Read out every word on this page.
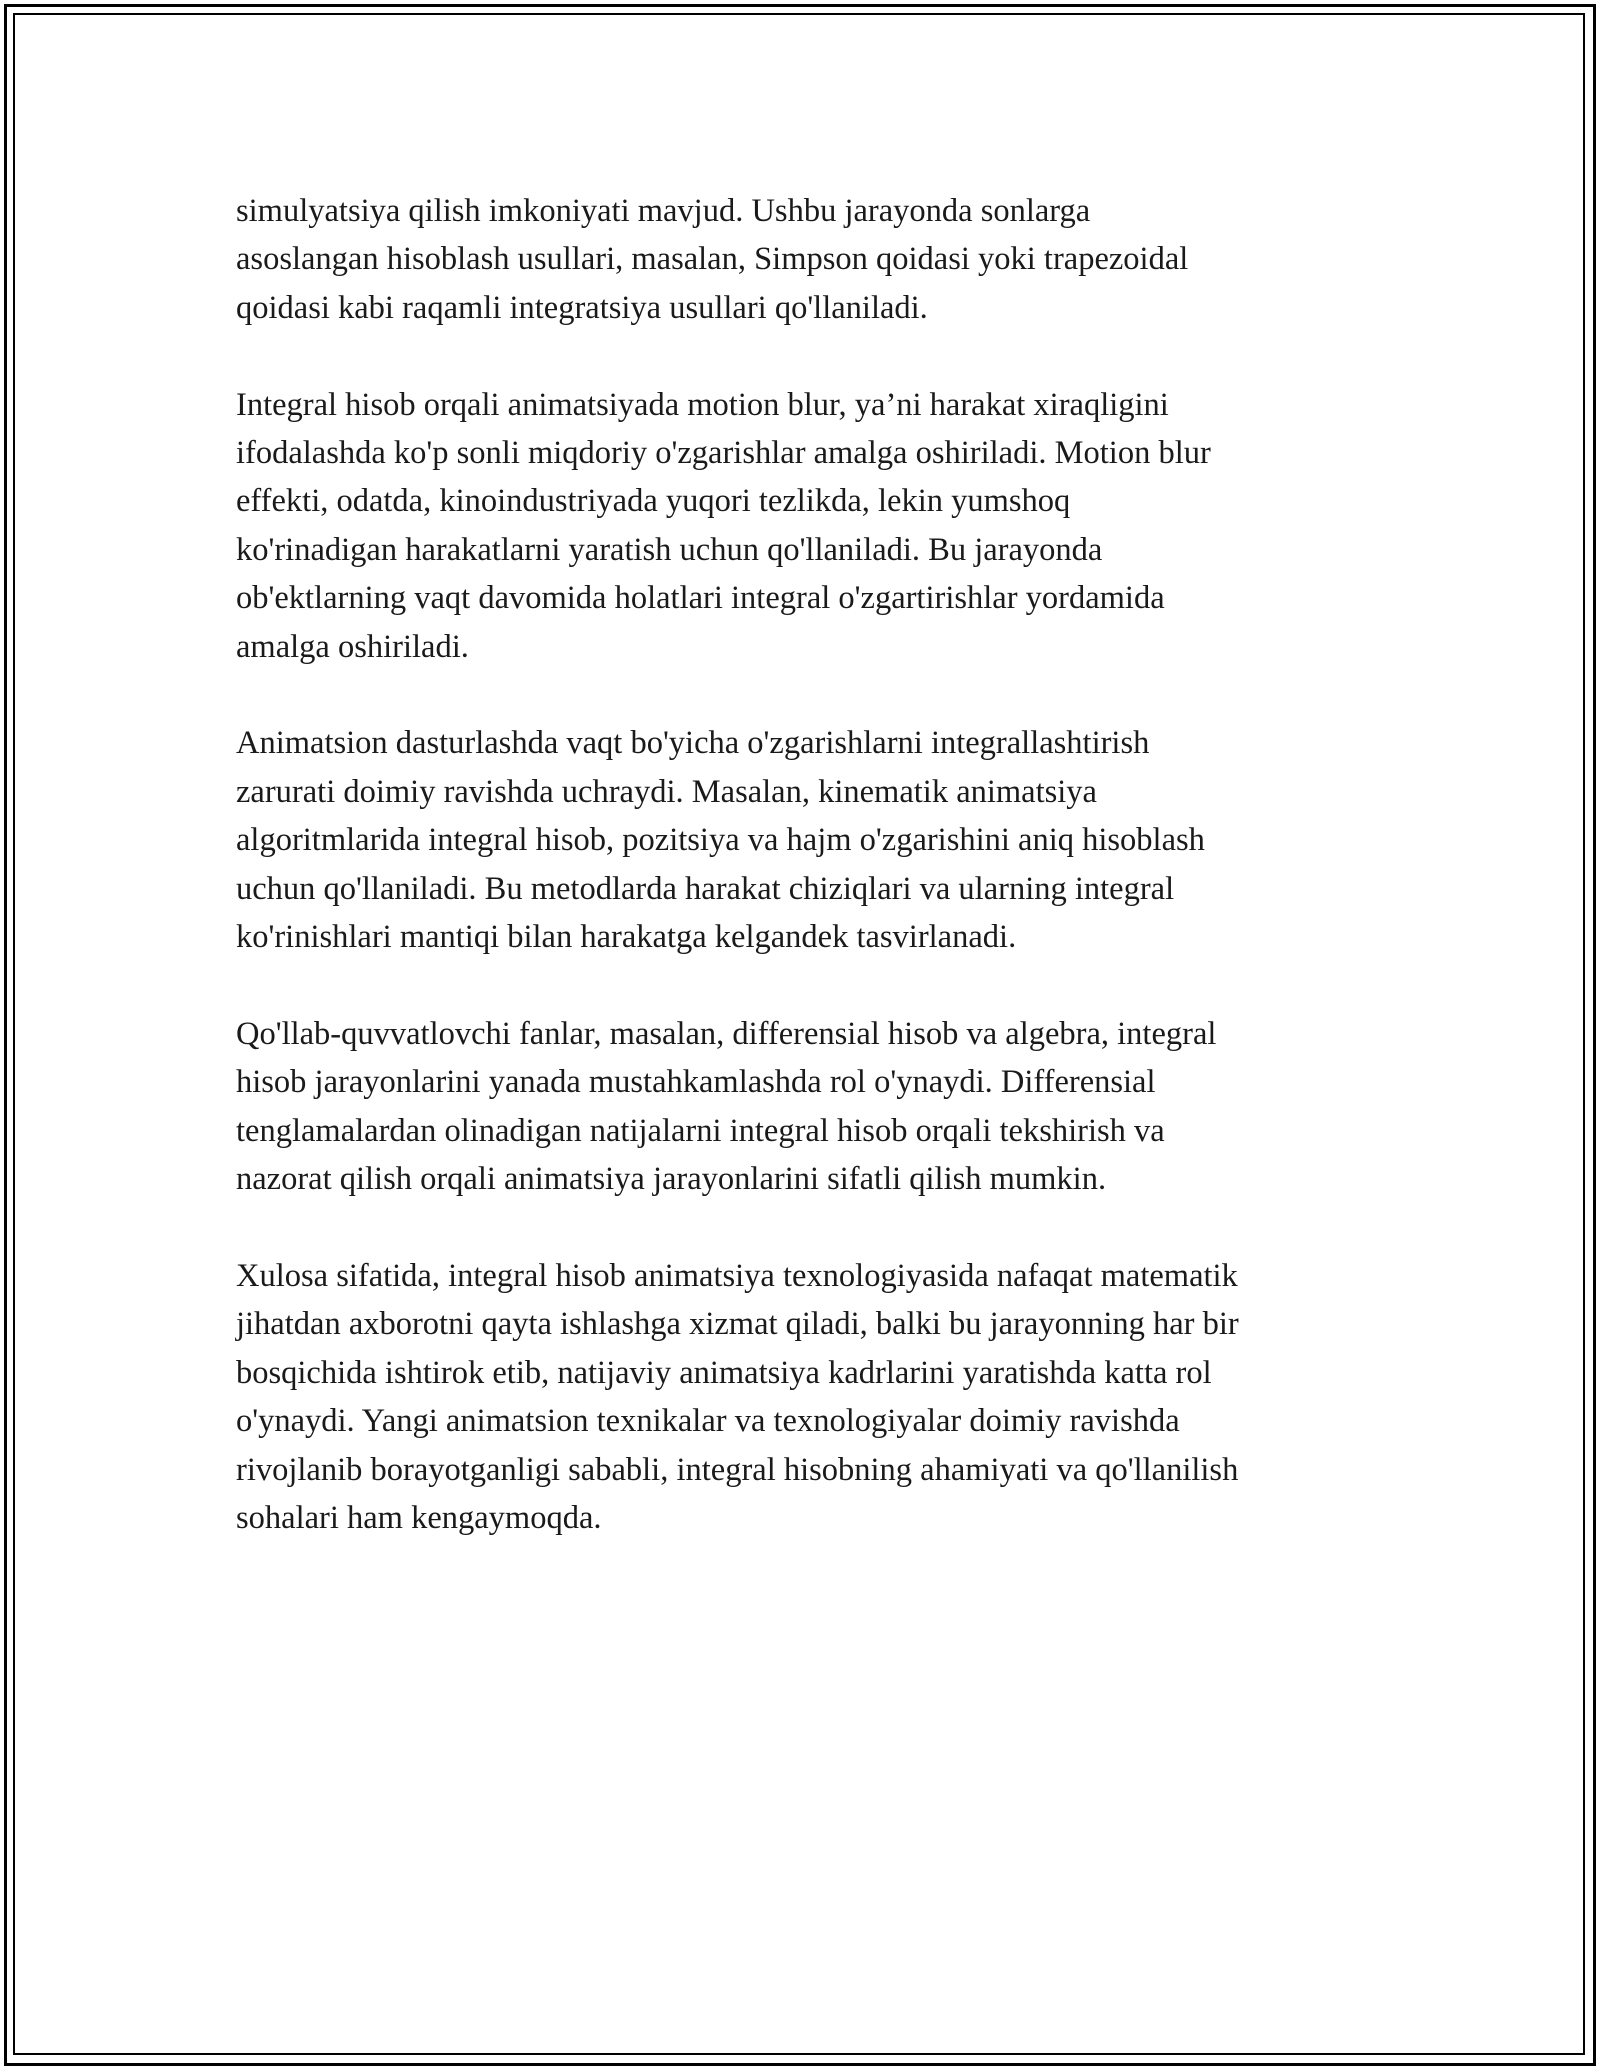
simulyatsiya qilish imkoniyati mavjud. Ushbu jarayonda sonlarga
asoslangan hisoblash usullari, masalan, Simpson qoidasi yoki trapezoidal
qoidasi kabi raqamli integratsiya usullari qo'llaniladi.

Integral hisob orqali animatsiyada motion blur, ya’ni harakat xiraqligini
ifodalashda ko'p sonli miqdoriy o'zgarishlar amalga oshiriladi. Motion blur
effekti, odatda, kinoindustriyada yuqori tezlikda, lekin yumshoq
ko'rinadigan harakatlarni yaratish uchun qo'llaniladi. Bu jarayonda
ob'ektlarning vaqt davomida holatlari integral o'zgartirishlar yordamida
amalga oshiriladi.

Animatsion dasturlashda vaqt bo'yicha o'zgarishlarni integrallashtirish
zarurati doimiy ravishda uchraydi. Masalan, kinematik animatsiya
algoritmlarida integral hisob, pozitsiya va hajm o'zgarishini aniq hisoblash
uchun qo'llaniladi. Bu metodlarda harakat chiziqlari va ularning integral
ko'rinishlari mantiqi bilan harakatga kelgandek tasvirlanadi.

Qo'llab-quvvatlovchi fanlar, masalan, differensial hisob va algebra, integral
hisob jarayonlarini yanada mustahkamlashda rol o'ynaydi. Differensial
tenglamalardan olinadigan natijalarni integral hisob orqali tekshirish va
nazorat qilish orqali animatsiya jarayonlarini sifatli qilish mumkin.

Xulosa sifatida, integral hisob animatsiya texnologiyasida nafaqat matematik
jihatdan axborotni qayta ishlashga xizmat qiladi, balki bu jarayonning har bir
bosqichida ishtirok etib, natijaviy animatsiya kadrlarini yaratishda katta rol
o'ynaydi. Yangi animatsion texnikalar va texnologiyalar doimiy ravishda
rivojlanib borayotganligi sababli, integral hisobning ahamiyati va qo'llanilish
sohalari ham kengaymoqda.
